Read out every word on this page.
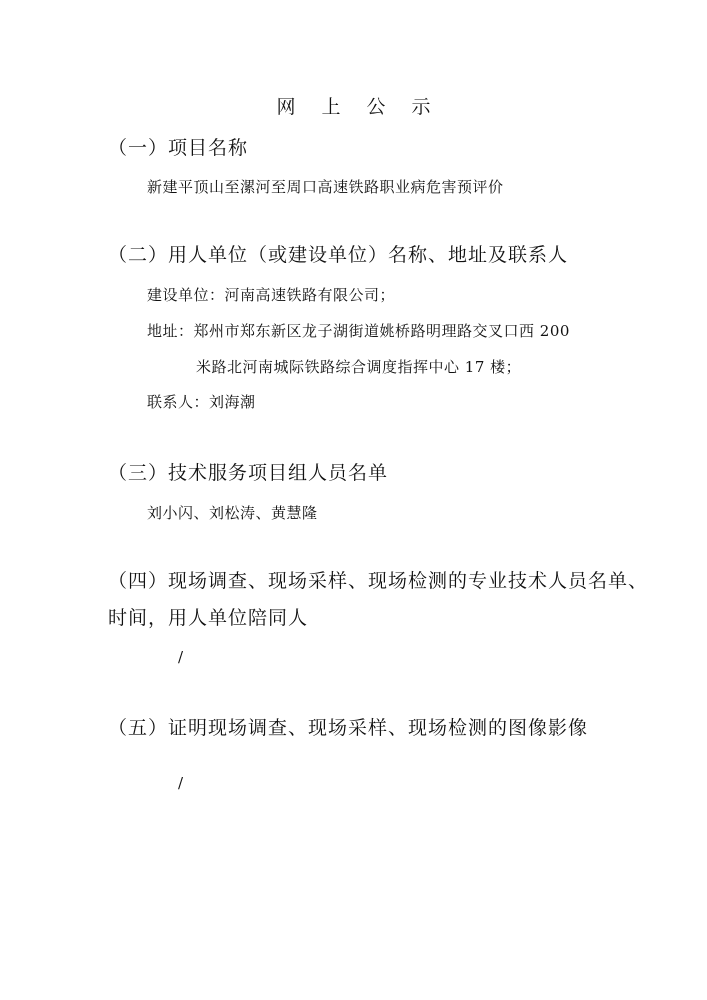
网 上 公 示
（一）项目名称
新建平顶山至漯河至周口高速铁路职业病危害预评价
（二）用人单位（或建设单位）名称、地址及联系人
建设单位：河南高速铁路有限公司；
地址：郑州市郑东新区龙子湖街道姚桥路明理路交叉口西 200
米路北河南城际铁路综合调度指挥中心 17 楼；
联系人：刘海潮
（三）技术服务项目组人员名单
刘小闪、刘松涛、黄慧隆
（四）现场调查、现场采样、现场检测的专业技术人员名单、
时间，用人单位陪同人
/
（五）证明现场调查、现场采样、现场检测的图像影像
/
